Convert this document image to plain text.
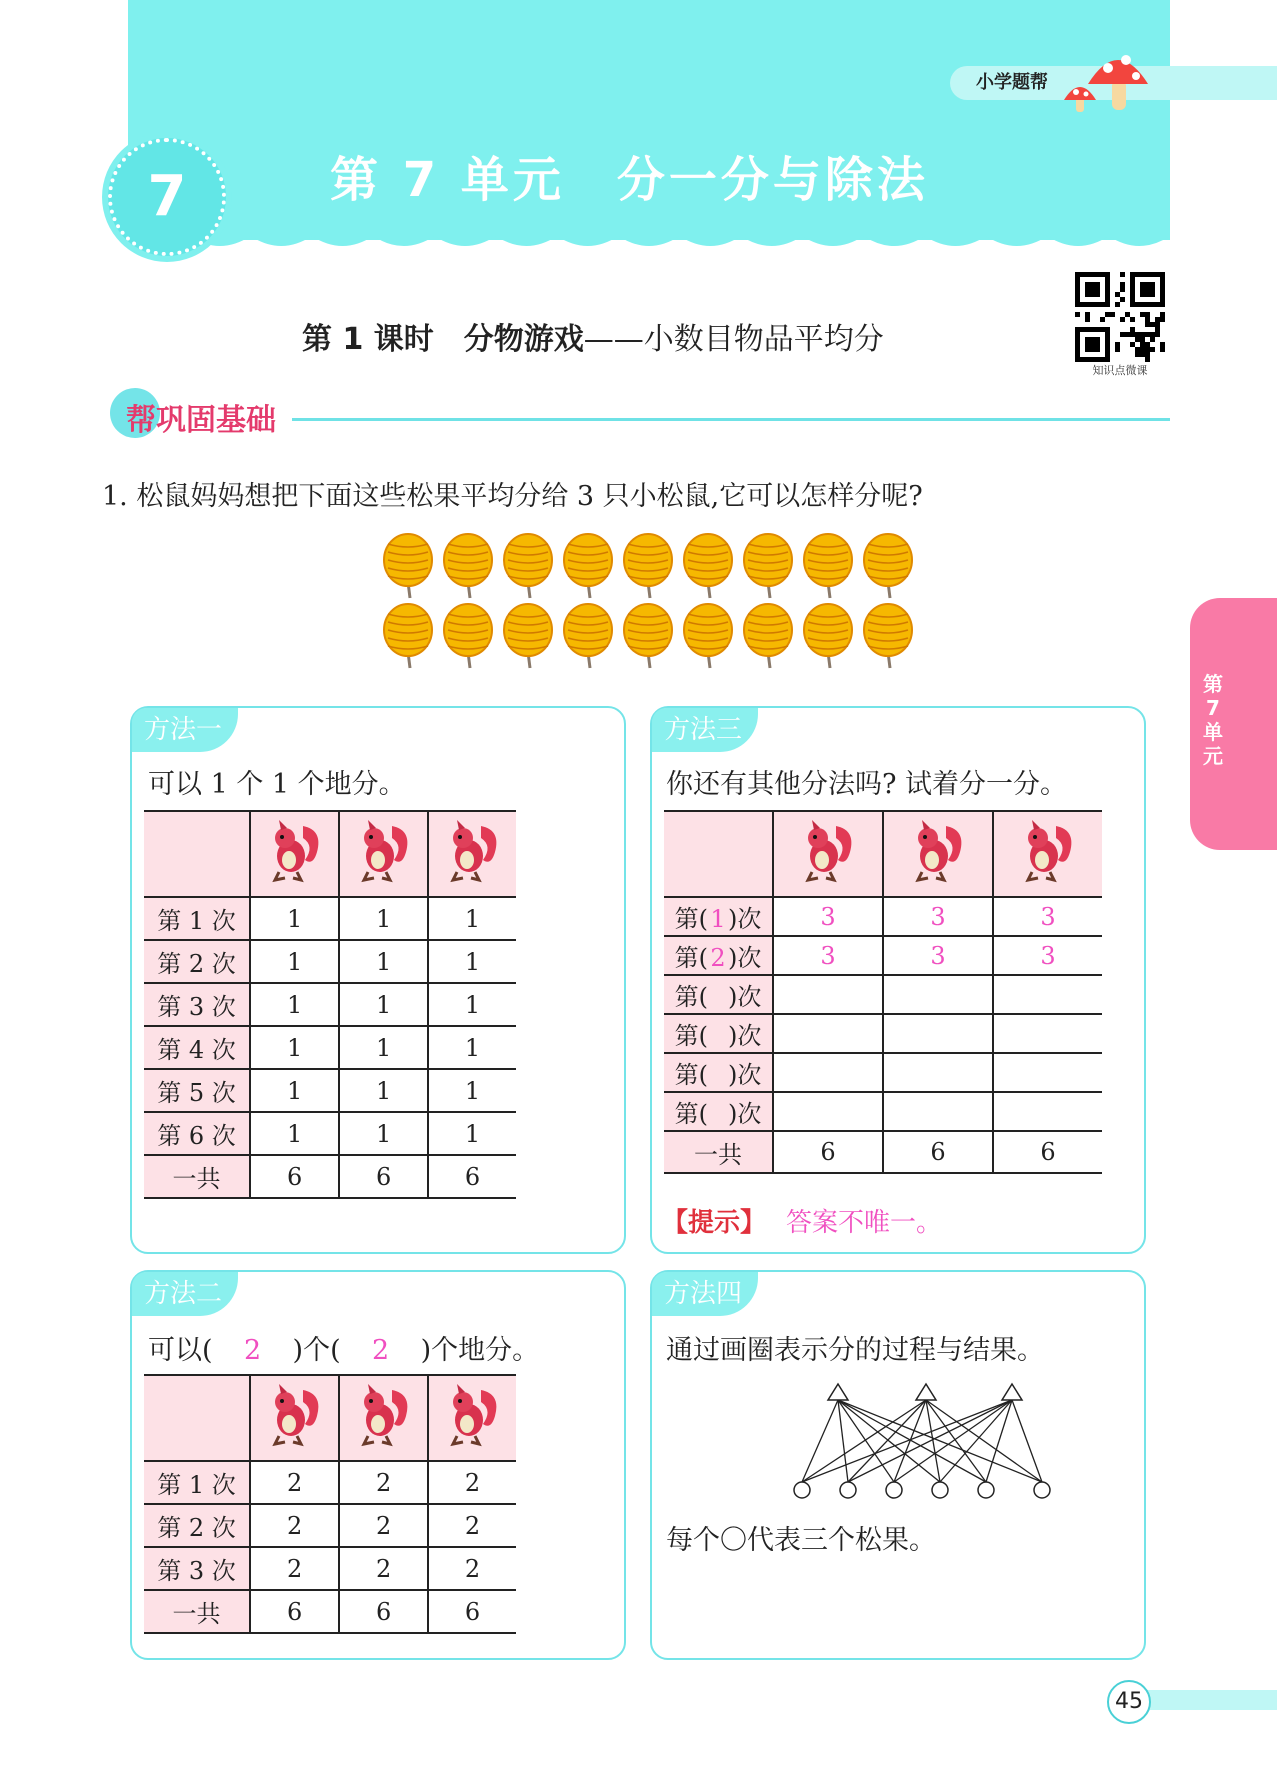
小学题帮
7	第 7 单元　分一分与除法
第 1 课时　分物游戏——小数目物品平均分
知识点微课
帮巩固基础
1. 松鼠妈妈想把下面这些松果平均分给 3 只小松鼠,它可以怎样分呢?
第7单元
方法一
可以 1 个 1 个地分。

第 1 次	1	1	1
第 2 次	1	1	1
第 3 次	1	1	1
第 4 次	1	1	1
第 5 次	1	1	1
第 6 次	1	1	1
一共	6	6	6
方法二
可以( 2 )个( 2 )个地分。

第 1 次	2	2	2
第 2 次	2	2	2
第 3 次	2	2	2
一共	6	6	6
方法三
你还有其他分法吗? 试着分一分。

第(1)次	3	3	3
第(2)次	3	3	3
第( )次			
第( )次			
第( )次			
第( )次			
一共	6	6	6
【提示】 答案不唯一。
方法四
通过画圈表示分的过程与结果。
每个〇代表三个松果。
45
